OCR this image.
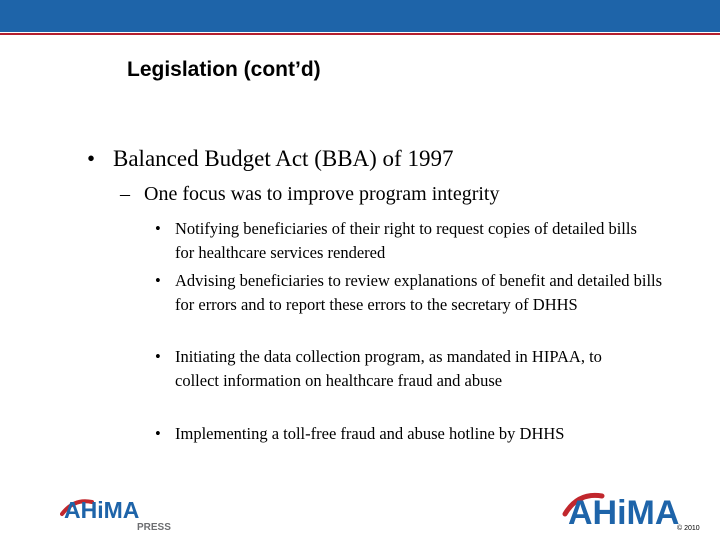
Legislation (cont’d)
• Balanced Budget Act (BBA) of 1997
– One focus was to improve program integrity
• Notifying beneficiaries of their right to request copies of detailed bills for healthcare services rendered
• Advising beneficiaries to review explanations of benefit and detailed bills for errors and to report these errors to the secretary of DHHS
• Initiating the data collection program, as mandated in HIPAA, to collect information on healthcare fraud and abuse
• Implementing a toll-free fraud and abuse hotline by DHHS
AHiMA
PRESS	AHiMA
© 2010
